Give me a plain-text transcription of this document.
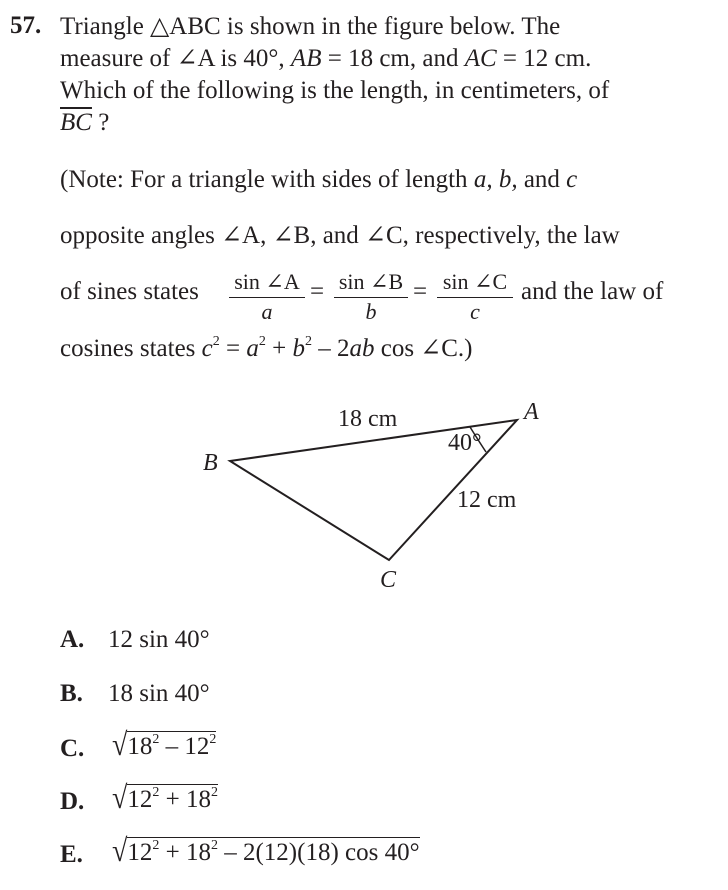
57. Triangle △ABC is shown in the figure below. The
measure of ∠A is 40°, AB = 18 cm, and AC = 12 cm.
Which of the following is the length, in centimeters, of
$\overline{BC}$ ?
(Note: For a triangle with sides of length a, b, and c
opposite angles ∠A, ∠B, and ∠C, respectively, the law
of sines states sin ∠A
a
= sin ∠B
b
= sin ∠C
c
and the law of
cosines states $c^2 = a^2 + b^2 - 2ab$ cos ∠C.)
A
B
C
18 cm
12 cm
40°
A. 12 sin 40°
B. 18 sin 40°
C. $√18^2 - 12^2$
D. $√12^2 + 18^2$
E. $√12^2 + 18^2 - 2(12)(18)$ cos 40°
